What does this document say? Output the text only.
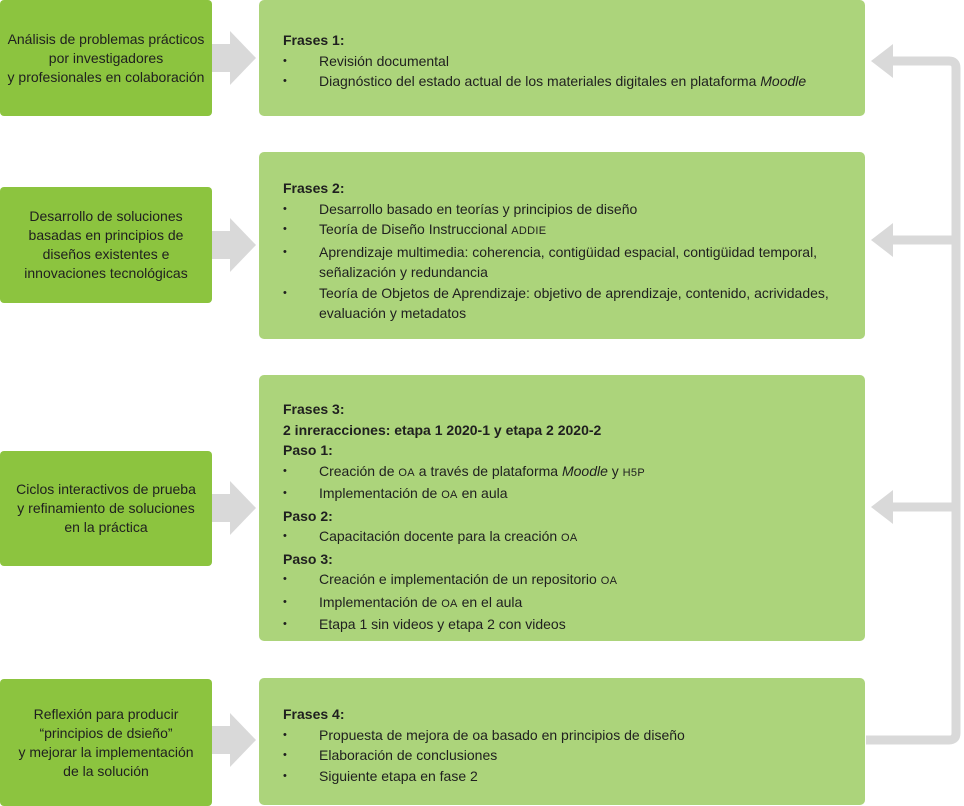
Análisis de problemas prácticos
por investigadores
y profesionales en colaboración
Frases 1:
• Revisión documental
• Diagnóstico del estado actual de los materiales digitales en plataforma Moodle
Desarrollo de soluciones
basadas en principios de
diseños existentes e
innovaciones tecnológicas
Frases 2:
• Desarrollo basado en teorías y principios de diseño
• Teoría de Diseño Instruccional ADDIE
• Aprendizaje multimedia: coherencia, contigüidad espacial, contigüidad temporal, señalización y redundancia
• Teoría de Objetos de Aprendizaje: objetivo de aprendizaje, contenido, acrividades, evaluación y metadatos
Ciclos interactivos de prueba
y refinamiento de soluciones
en la práctica
Frases 3:
2 inreracciones: etapa 1 2020-1 y etapa 2 2020-2
Paso 1:
• Creación de OA a través de plataforma Moodle y H5P
• Implementación de OA en aula
Paso 2:
• Capacitación docente para la creación OA
Paso 3:
• Creación e implementación de un repositorio OA
• Implementación de OA en el aula
• Etapa 1 sin videos y etapa 2 con videos
Reflexión para producir
“principios de dsieño”
y mejorar la implementación
de la solución
Frases 4:
• Propuesta de mejora de oa basado en principios de diseño
• Elaboración de conclusiones
• Siguiente etapa en fase 2
